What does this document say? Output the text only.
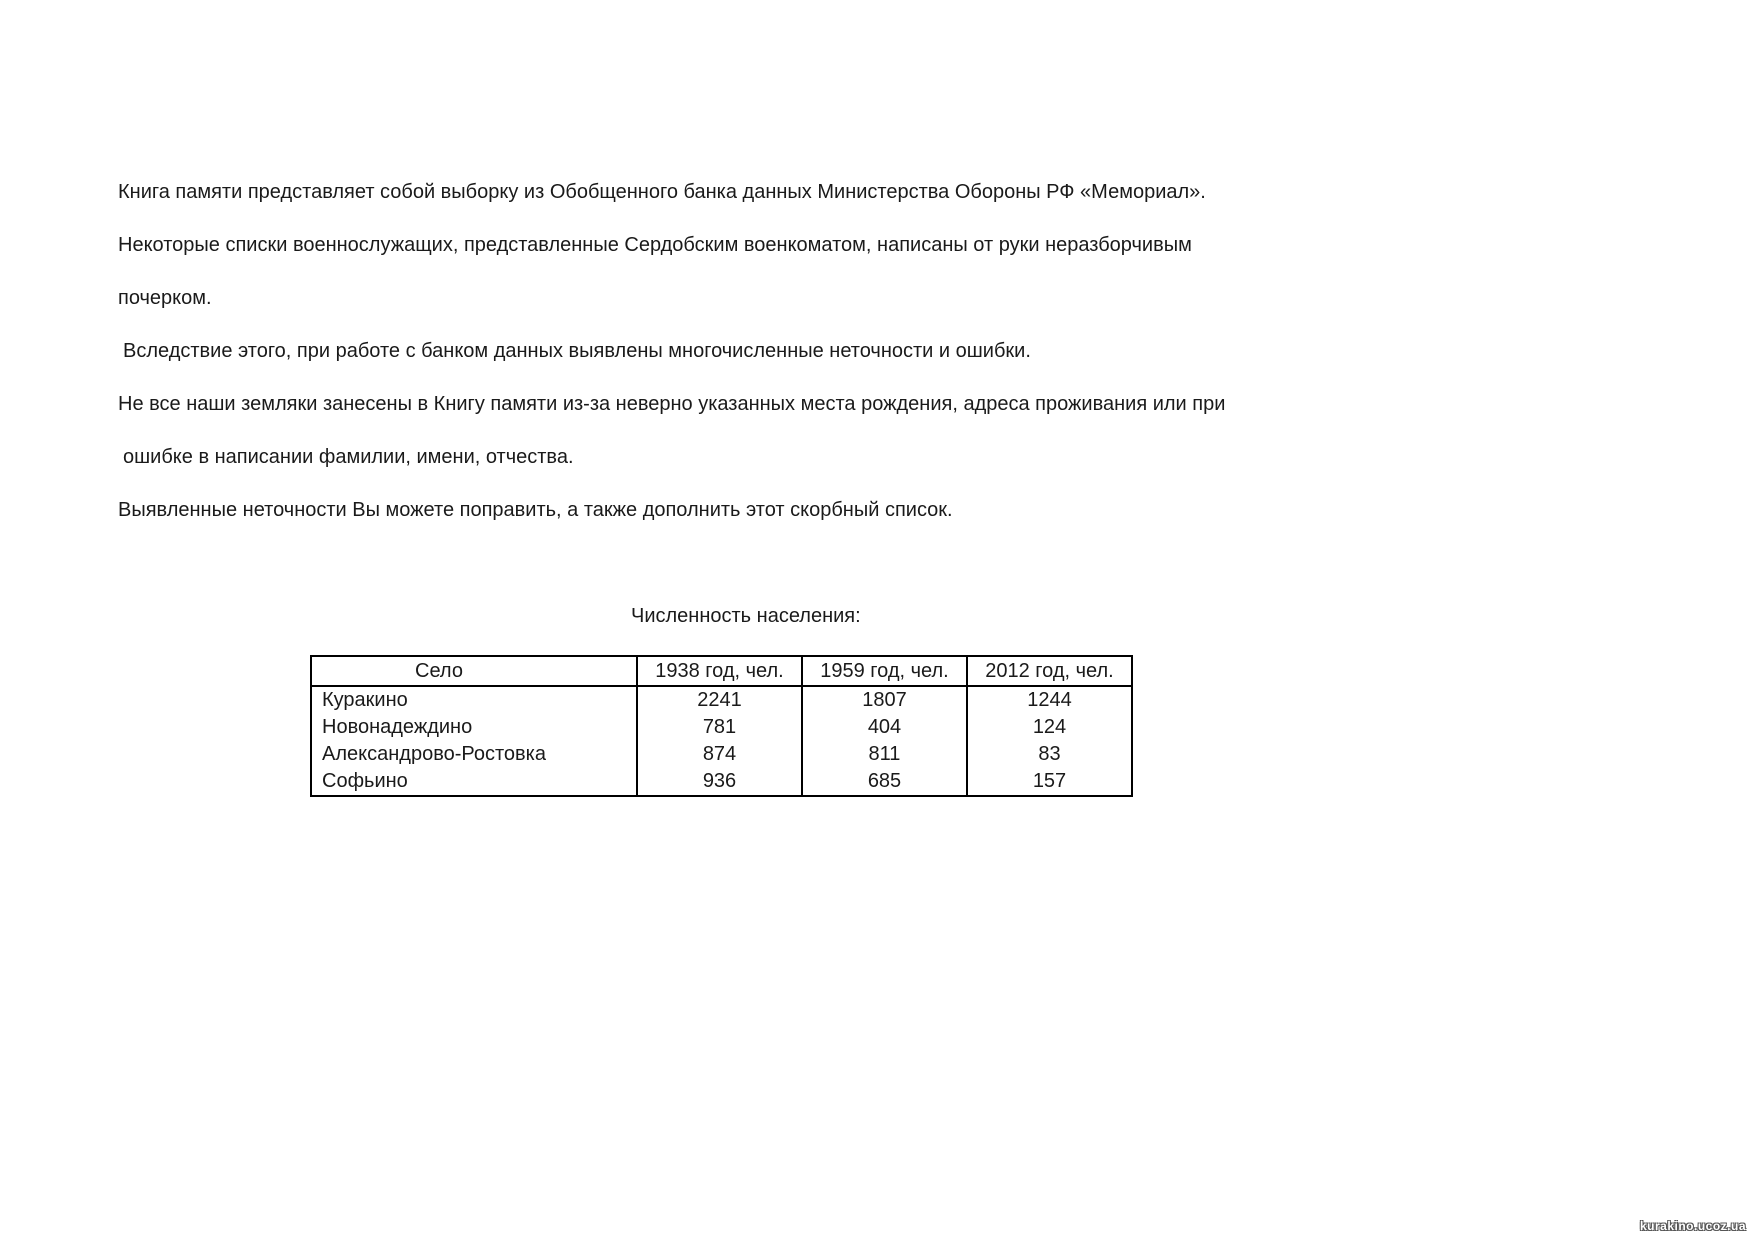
Книга памяти представляет собой выборку из Обобщенного банка данных Министерства Обороны РФ «Мемориал».

Некоторые списки военнослужащих, представленные Сердобским военкоматом, написаны от руки неразборчивым

почерком.

Вследствие этого, при работе с банком данных выявлены многочисленные неточности и ошибки.

Не все наши земляки занесены в Книгу памяти из-за неверно указанных места рождения, адреса проживания или при

ошибке в написании фамилии, имени, отчества.

Выявленные неточности Вы можете поправить, а также дополнить этот скорбный список.

Численность населения:
Село	1938 год, чел.	1959 год, чел.	2012 год, чел.
Куракино	2241	1807	1244
Новонадеждино	781	404	124
Александрово-Ростовка	874	811	83
Софьино	936	685	157
kurakino.ucoz.ua
